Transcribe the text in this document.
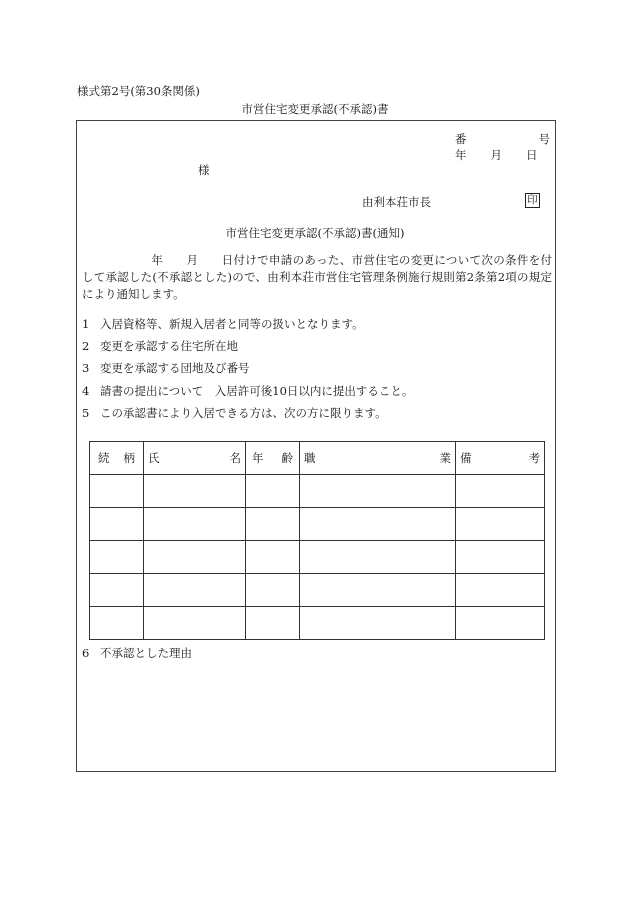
様式第2号(第30条関係)
市営住宅変更承認(不承認)書
番	号
年 月 日
様
由利本荘市長	印
市営住宅変更承認(不承認)書(通知)
年 月 日付けで申請のあった、市営住宅の変更について次の条件を付して承認した(不承認とした)ので、由利本荘市営住宅管理条例施行規則第2条第2項の規定により通知します。
1 入居資格等、新規入居者と同等の扱いとなります。
2 変更を承認する住宅所在地
3 変更を承認する団地及び番号
4 請書の提出について　入居許可後10日以内に提出すること。
5 この承認書により入居できる方は、次の方に限ります。
続 柄	氏 名	年 齢	職 業	備 考

6 不承認とした理由
